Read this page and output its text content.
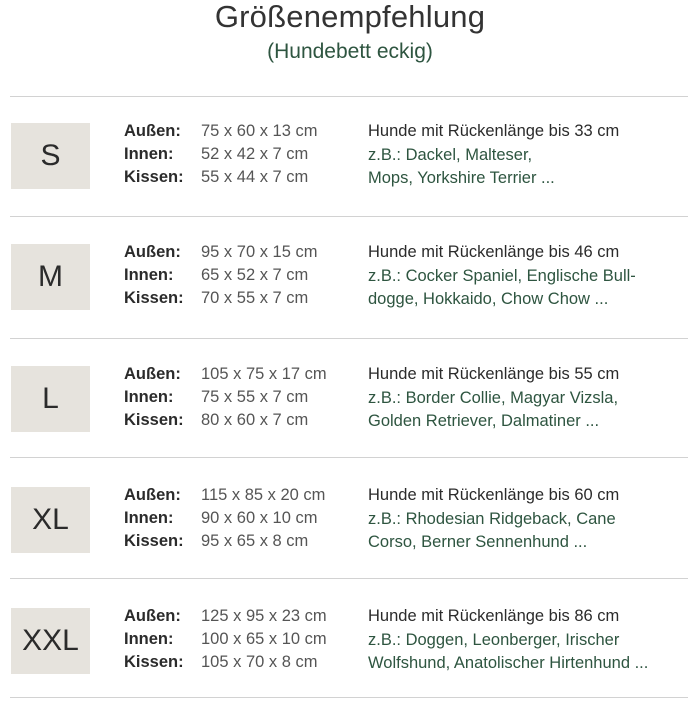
Größenempfehlung
(Hundebett eckig)
S
Außen: 75 x 60 x 13 cm
Innen: 52 x 42 x 7 cm
Kissen: 55 x 44 x 7 cm
Hunde mit Rückenlänge bis 33 cm
z.B.: Dackel, Malteser,
Mops, Yorkshire Terrier ...
M
Außen: 95 x 70 x 15 cm
Innen: 65 x 52 x 7 cm
Kissen: 70 x 55 x 7 cm
Hunde mit Rückenlänge bis 46 cm
z.B.: Cocker Spaniel, Englische Bull-
dogge, Hokkaido, Chow Chow ...
L
Außen: 105 x 75 x 17 cm
Innen: 75 x 55 x 7 cm
Kissen: 80 x 60 x 7 cm
Hunde mit Rückenlänge bis 55 cm
z.B.: Border Collie, Magyar Vizsla,
Golden Retriever, Dalmatiner ...
XL
Außen: 115 x 85 x 20 cm
Innen: 90 x 60 x 10 cm
Kissen: 95 x 65 x 8 cm
Hunde mit Rückenlänge bis 60 cm
z.B.: Rhodesian Ridgeback, Cane
Corso, Berner Sennenhund ...
XXL
Außen: 125 x 95 x 23 cm
Innen: 100 x 65 x 10 cm
Kissen: 105 x 70 x 8 cm
Hunde mit Rückenlänge bis 86 cm
z.B.: Doggen, Leonberger, Irischer
Wolfshund, Anatolischer Hirtenhund ...
